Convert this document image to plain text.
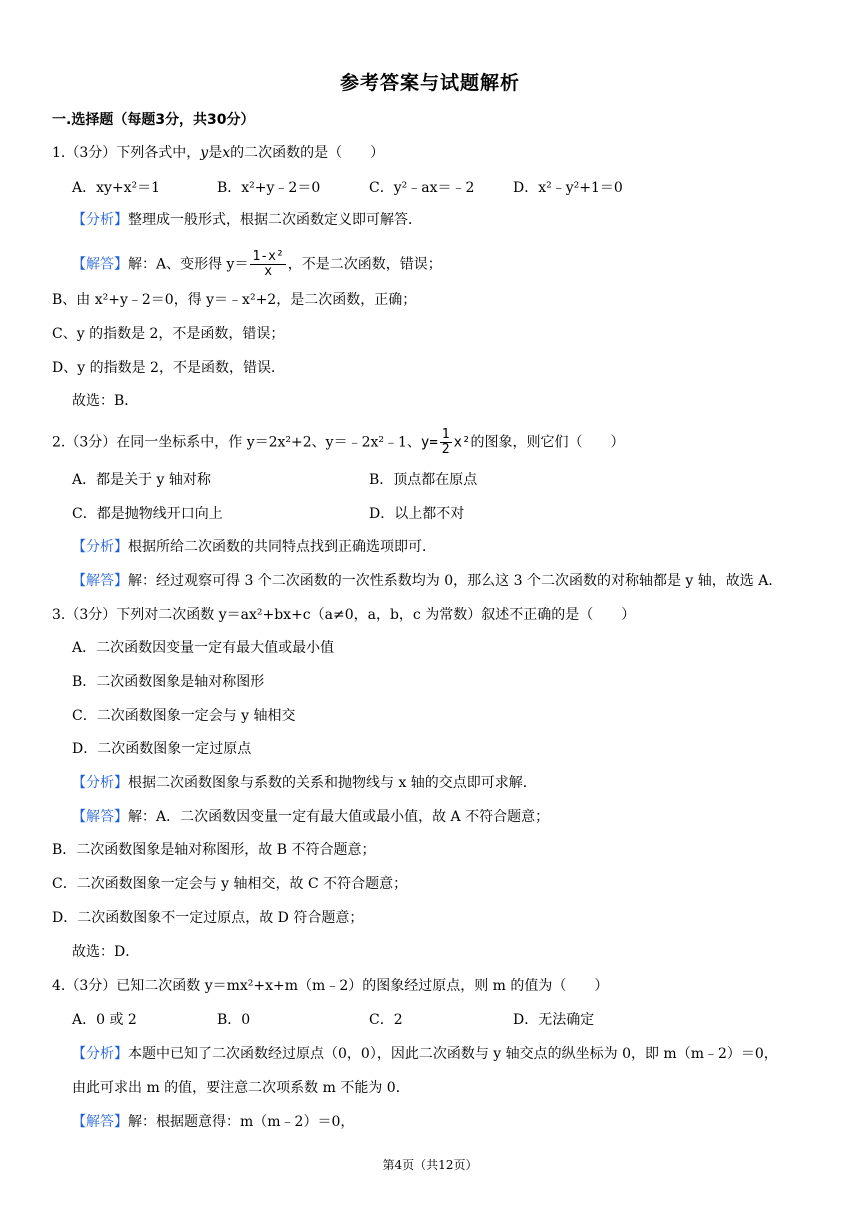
参考答案与试题解析
一.选择题（每题3分，共30分）
1.（3分）下列各式中，y是x的二次函数的是（　　）
A．xy+x²＝1	B．x²+y﹣2＝0	C．y²﹣ax＝﹣2	D．x²﹣y²+1＝0
【分析】整理成一般形式，根据二次函数定义即可解答．
【解答】解：A、变形得 $y= \frac{\text{1-x²}}{x}$ ，不是二次函数，错误；
B、由 x²+y﹣2＝0，得 y＝﹣x²+2，是二次函数，正确；
C、y 的指数是 2，不是函数，错误；
D、y 的指数是 2，不是函数，错误．
故选：B．
2.（3分）在同一坐标系中，作 y＝2x²+2、y＝﹣2x²﹣1、$y= \frac{1}{2} x^2$的图象，则它们（　　）
A．都是关于 y 轴对称	B．顶点都在原点
C．都是抛物线开口向上	D．以上都不对
【分析】根据所给二次函数的共同特点找到正确选项即可．
【解答】解：经过观察可得 3 个二次函数的一次性系数均为 0，那么这 3 个二次函数的对称轴都是 y 轴，故选 A．
3.（3分）下列对二次函数 y＝ax²+bx+c（a≠0，a，b，c 为常数）叙述不正确的是（　　）
A．二次函数因变量一定有最大值或最小值
B．二次函数图象是轴对称图形
C．二次函数图象一定会与 y 轴相交
D．二次函数图象一定过原点
【分析】根据二次函数图象与系数的关系和抛物线与 x 轴的交点即可求解．
【解答】解：A．二次函数因变量一定有最大值或最小值，故 A 不符合题意；
B．二次函数图象是轴对称图形，故 B 不符合题意；
C．二次函数图象一定会与 y 轴相交，故 C 不符合题意；
D．二次函数图象不一定过原点，故 D 符合题意；
故选：D．
4.（3分）已知二次函数 y＝mx²+x+m（m﹣2）的图象经过原点，则 m 的值为（　　）
A．0 或 2	B．0	C．2	D．无法确定
【分析】本题中已知了二次函数经过原点（0，0），因此二次函数与 y 轴交点的纵坐标为 0，即 m（m﹣2）＝0，
由此可求出 m 的值，要注意二次项系数 m 不能为 0．
【解答】解：根据题意得：m（m﹣2）＝0，
第4页（共12页）
